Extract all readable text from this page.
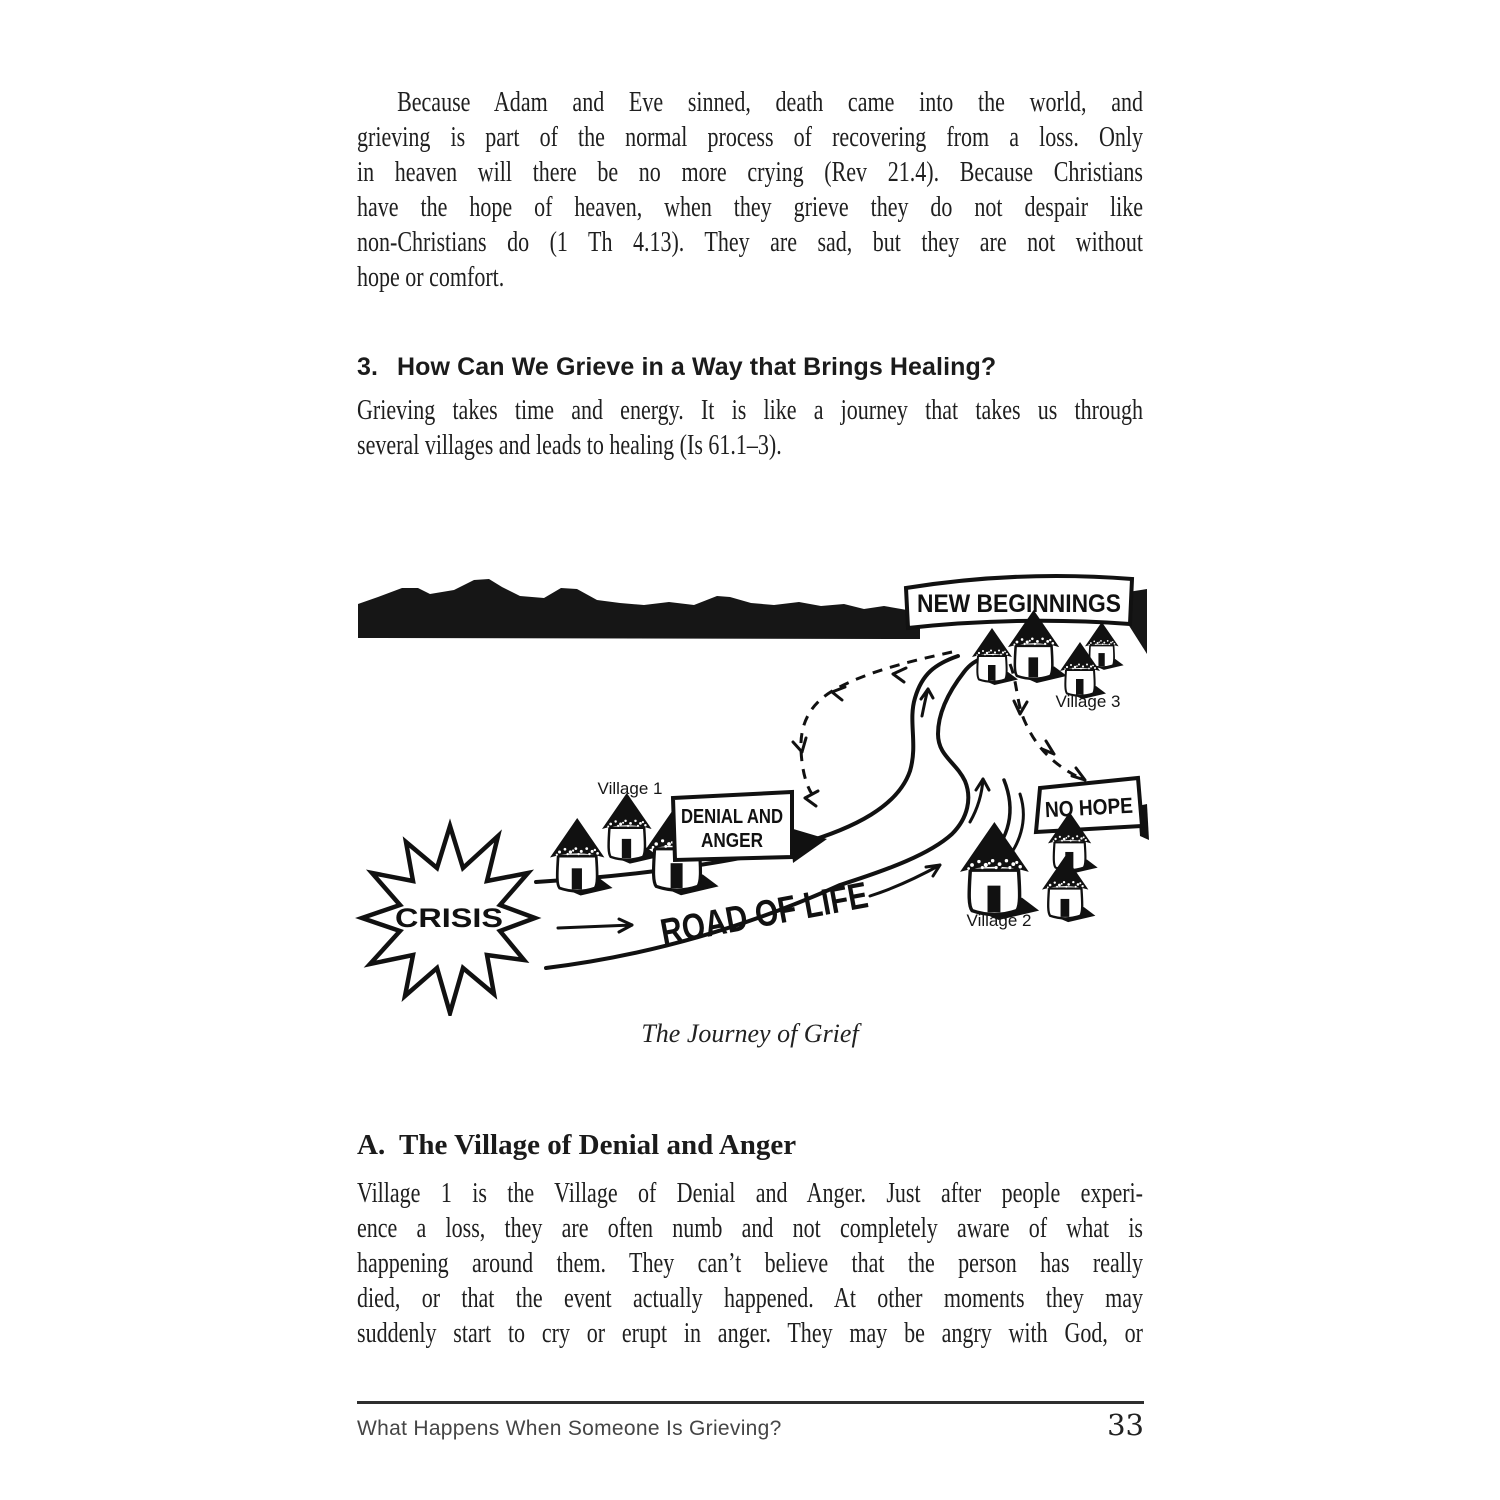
Because Adam and Eve sinned, death came into the world, and
grieving is part of the normal process of recovering from a loss. Only
in heaven will there be no more crying (Rev 21.4). Because Christians
have the hope of heaven, when they grieve they do not despair like
non-Christians do (1 Th 4.13). They are sad, but they are not without
hope or comfort.
3. How Can We Grieve in a Way that Brings Healing?
Grieving takes time and energy. It is like a journey that takes us through
several villages and leads to healing (Is 61.1–3).
NEW BEGINNINGS
Village 3
Village 1
DENIAL AND
ANGER
NO HOPE
Village 2
CRISIS	ROAD OF LIFE
The Journey of Grief
A. The Village of Denial and Anger
Village 1 is the Village of Denial and Anger. Just after people experi-
ence a loss, they are often numb and not completely aware of what is
happening around them. They can’t believe that the person has really
died, or that the event actually happened. At other moments they may
suddenly start to cry or erupt in anger. They may be angry with God, or
What Happens When Someone Is Grieving?	33
